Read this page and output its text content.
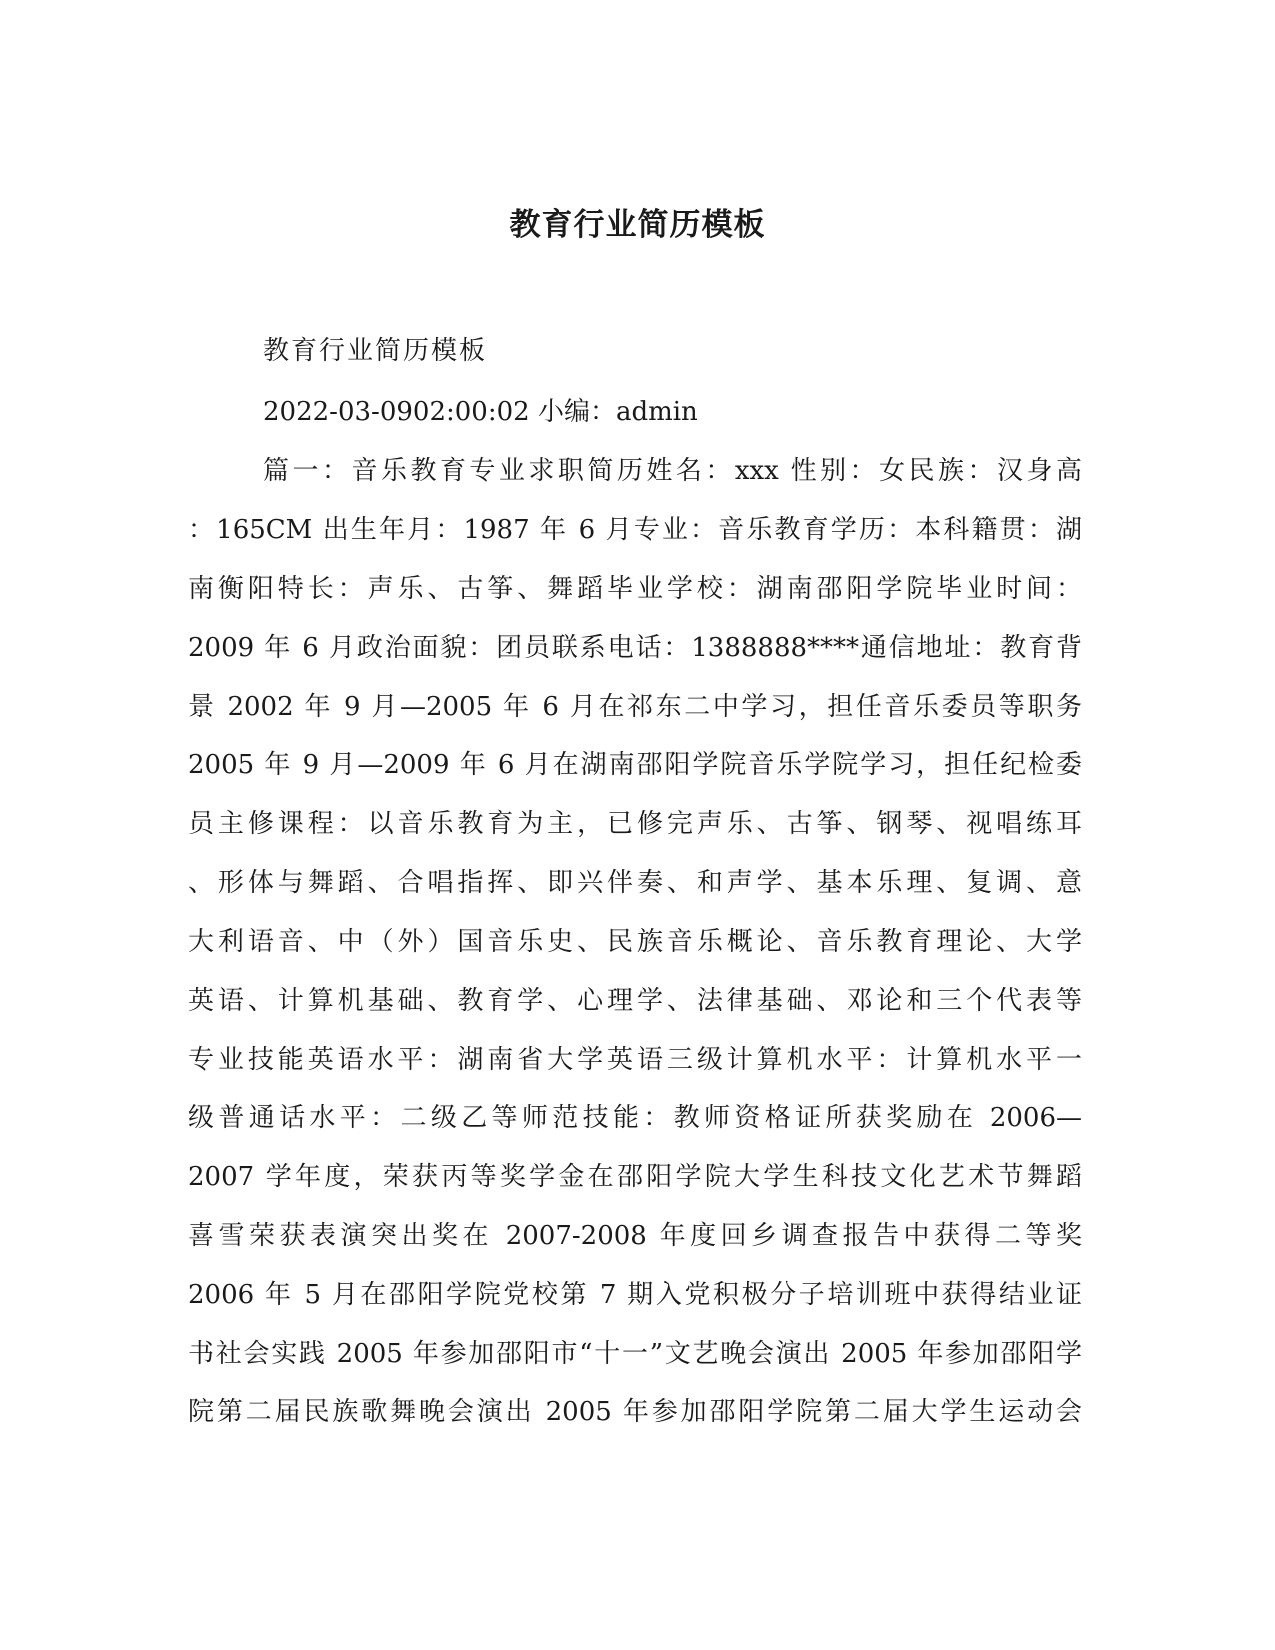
教育行业简历模板
教育行业简历模板
2022-03-0902:00:02 小编：admin
篇一：音乐教育专业求职简历姓名：xxx 性别：女民族：汉身高
：165CM 出生年月：1987 年 6 月专业：音乐教育学历：本科籍贯：湖
南衡阳特长：声乐、古筝、舞蹈毕业学校：湖南邵阳学院毕业时间：
2009 年 6 月政治面貌：团员联系电话：1388888****通信地址：教育背
景 2002 年 9 月—2005 年 6 月在祁东二中学习，担任音乐委员等职务
2005 年 9 月—2009 年 6 月在湖南邵阳学院音乐学院学习，担任纪检委
员主修课程：以音乐教育为主，已修完声乐、古筝、钢琴、视唱练耳
、形体与舞蹈、合唱指挥、即兴伴奏、和声学、基本乐理、复调、意
大利语音、中（外）国音乐史、民族音乐概论、音乐教育理论、大学
英语、计算机基础、教育学、心理学、法律基础、邓论和三个代表等
专业技能英语水平：湖南省大学英语三级计算机水平：计算机水平一
级普通话水平：二级乙等师范技能：教师资格证所获奖励在 2006—
2007 学年度，荣获丙等奖学金在邵阳学院大学生科技文化艺术节舞蹈
喜雪荣获表演突出奖在 2007-2008 年度回乡调查报告中获得二等奖
2006 年 5 月在邵阳学院党校第 7 期入党积极分子培训班中获得结业证
书社会实践 2005 年参加邵阳市“十一”文艺晚会演出 2005 年参加邵阳学
院第二届民族歌舞晚会演出 2005 年参加邵阳学院第二届大学生运动会
